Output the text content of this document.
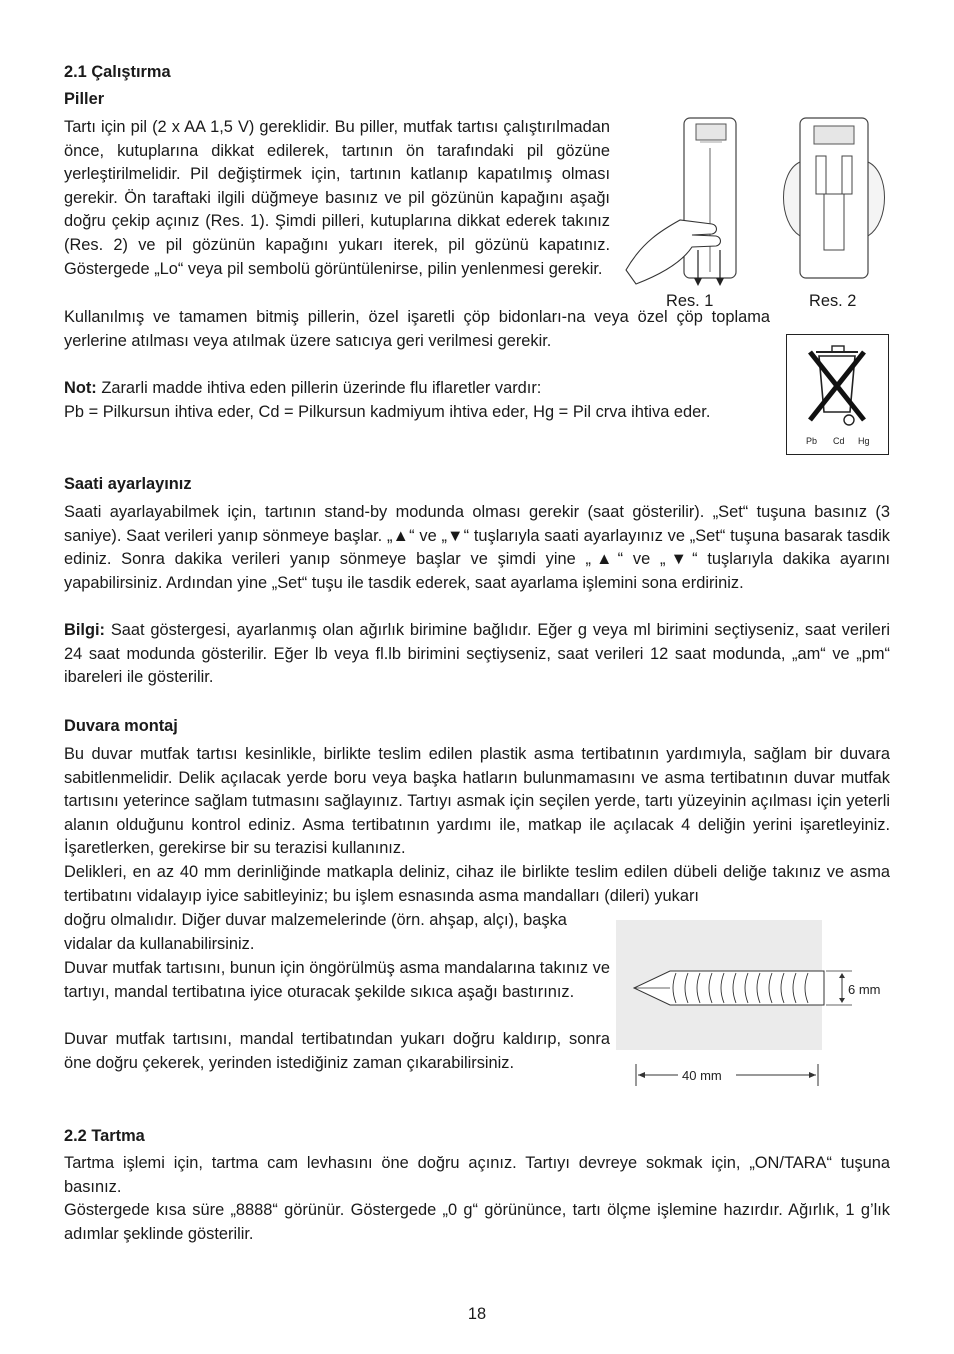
2.1 Çalıştırma
Piller

Tartı için pil (2 x AA 1,5 V) gereklidir. Bu piller, mutfak tartısı çalıştırılmadan önce, kutuplarına dikkat edilerek, tartının ön tarafındaki pil gözüne yerleştirilmelidir. Pil değiştirmek için, tartının katlanıp kapatılmış olması gerekir. Ön taraftaki ilgili düğmeye basınız ve pil gözünün kapağını aşağı doğru çekip açınız (Res. 1). Şimdi pilleri, kutuplarına dikkat ederek takınız (Res. 2) ve pil gözünün kapağını yukarı iterek, pil gözünü kapatınız. Göstergede „Lo“ veya pil sembolü görüntülenirse, pilin yenlenmesi gerekir.

Kullanılmış ve tamamen bitmiş pillerin, özel işaretli çöp bidonları-na veya özel çöp toplama yerlerine atılması veya atılmak üzere satıcıya geri verilmesi gerekir.

Not: Zararli madde ihtiva eden pillerin üzerinde flu iflaretler vardır:

Pb = Pilkursun ihtiva eder, Cd = Pilkursun kadmiyum ihtiva eder, Hg = Pil crva ihtiva eder.

Res. 1	Res. 2
Pb Cd Hg
Saati ayarlayınız

Saati ayarlayabilmek için, tartının stand-by modunda olması gerekir (saat gösterilir). „Set“ tuşuna basınız (3 saniye). Saat verileri yanıp sönmeye başlar. „▲“ ve „▼“ tuşlarıyla saati ayarlayınız ve „Set“ tuşuna basarak tasdik ediniz. Sonra dakika verileri yanıp sönmeye başlar ve şimdi yine „▲“ ve „▼“ tuşlarıyla dakika ayarını yapabilirsiniz. Ardından yine „Set“ tuşu ile tasdik ederek, saat ayarlama işlemini sona erdiriniz.

Bilgi: Saat göstergesi, ayarlanmış olan ağırlık birimine bağlıdır. Eğer g veya ml birimini seçtiyseniz, saat verileri 24 saat modunda gösterilir. Eğer lb veya fl.lb birimini seçtiyseniz, saat verileri 12 saat modunda, „am“ ve „pm“ ibareleri ile gösterilir.

Duvara montaj

Bu duvar mutfak tartısı kesinlikle, birlikte teslim edilen plastik asma tertibatının yardımıyla, sağlam bir duvara sabitlenmelidir. Delik açılacak yerde boru veya başka hatların bulunmamasını ve asma tertibatının duvar mutfak tartısını yeterince sağlam tutmasını sağlayınız. Tartıyı asmak için seçilen yerde, tartı yüzeyinin açılması için yeterli alanın olduğunu kontrol ediniz. Asma tertibatının yardımı ile, matkap ile açılacak 4 deliğin yerini işaretleyiniz. İşaretlerken, gerekirse bir su terazisi kullanınız.

Delikleri, en az 40 mm derinliğinde matkapla deliniz, cihaz ile birlikte teslim edilen dübeli deliğe takınız ve asma tertibatını vidalayıp iyice sabitleyiniz; bu işlem esnasında asma mandalları (dileri) yukarı

doğru olmalıdır. Diğer duvar malzemelerinde (örn. ahşap, alçı), başka vidalar da kullanabilirsiniz.

Duvar mutfak tartısını, bunun için öngörülmüş asma mandalarına takınız ve tartıyı, mandal tertibatına iyice oturacak şekilde sıkıca aşağı bastırınız.

Duvar mutfak tartısını, mandal tertibatından yukarı doğru kaldırıp, sonra öne doğru çekerek, yerinden istediğiniz zaman çıkarabilirsiniz.

6 mm
40 mm
2.2 Tartma

Tartma işlemi için, tartma cam levhasını öne doğru açınız. Tartıyı devreye sokmak için, „ON/TARA“ tuşuna basınız.

Göstergede kısa süre „8888“ görünür. Göstergede „0 g“ görününce, tartı ölçme işlemine hazırdır. Ağırlık, 1 g’lık adımlar şeklinde gösterilir.

18
